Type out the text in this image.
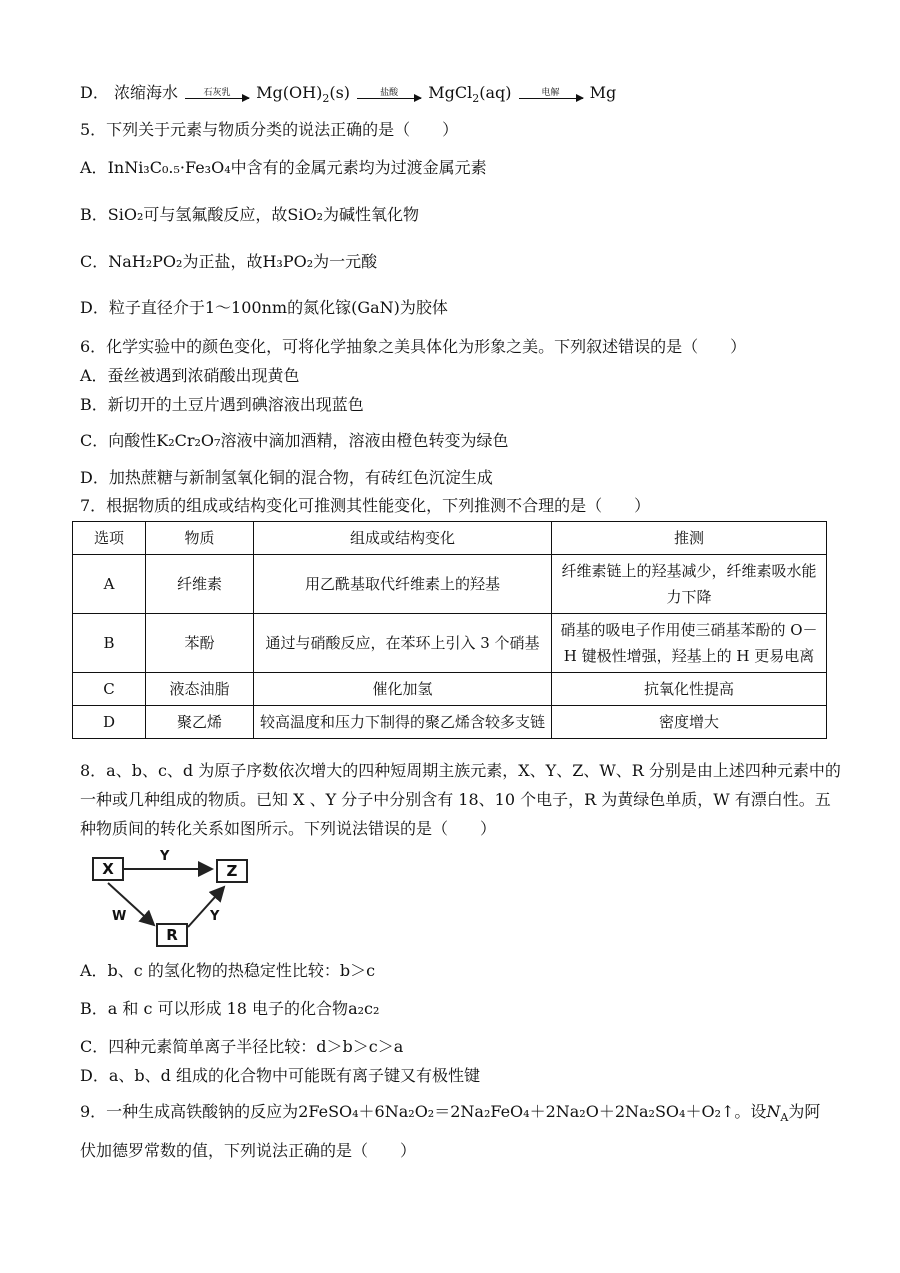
D． 浓缩海水	石灰乳 $Mg(OH)_2(s)$	盐酸 MgCl$_2$(aq)	电解 Mg
5．下列关于元素与物质分类的说法正确的是（　　）
A．InNi₃C₀.₅·Fe₃O₄中含有的金属元素均为过渡金属元素
B．SiO₂可与氢氟酸反应，故SiO₂为碱性氧化物
C．NaH₂PO₂为正盐，故H₃PO₂为一元酸
D．粒子直径介于1～100nm的氮化镓(GaN)为胶体
6．化学实验中的颜色变化，可将化学抽象之美具体化为形象之美。下列叙述错误的是（　　）
A．蚕丝被遇到浓硝酸出现黄色
B．新切开的土豆片遇到碘溶液出现蓝色
C．向酸性K₂Cr₂O₇溶液中滴加酒精，溶液由橙色转变为绿色
D．加热蔗糖与新制氢氧化铜的混合物，有砖红色沉淀生成
7．根据物质的组成或结构变化可推测其性能变化，下列推测不合理的是（　　）
选项	物质	组成或结构变化	推测
A	纤维素	用乙酰基取代纤维素上的羟基	纤维素链上的羟基减少，纤维素吸水能力下降
B	苯酚	通过与硝酸反应，在苯环上引入 3 个硝基	硝基的吸电子作用使三硝基苯酚的 O－H 键极性增强，羟基上的 H 更易电离
C	液态油脂	催化加氢	抗氧化性提高
D	聚乙烯	较高温度和压力下制得的聚乙烯含较多支链	密度增大
8．a、b、c、d 为原子序数依次增大的四种短周期主族元素，X、Y、Z、W、R 分别是由上述四种元素中的
一种或几种组成的物质。已知 X 、Y 分子中分别含有 18、10 个电子，R 为黄绿色单质，W 有漂白性。五
种物质间的转化关系如图所示。下列说法错误的是（　　）
X
Y
Z
W
R
Y
A．b、c 的氢化物的热稳定性比较：b＞c
B．a 和 c 可以形成 18 电子的化合物a₂c₂
C．四种元素简单离子半径比较：d＞b＞c＞a
D．a、b、d 组成的化合物中可能既有离子键又有极性键
9．一种生成高铁酸钠的反应为2FeSO₄＋6Na₂O₂＝2Na₂FeO₄＋2Na₂O＋2Na₂SO₄＋O₂↑。设$N_A$为阿
伏加德罗常数的值，下列说法正确的是（　　）
